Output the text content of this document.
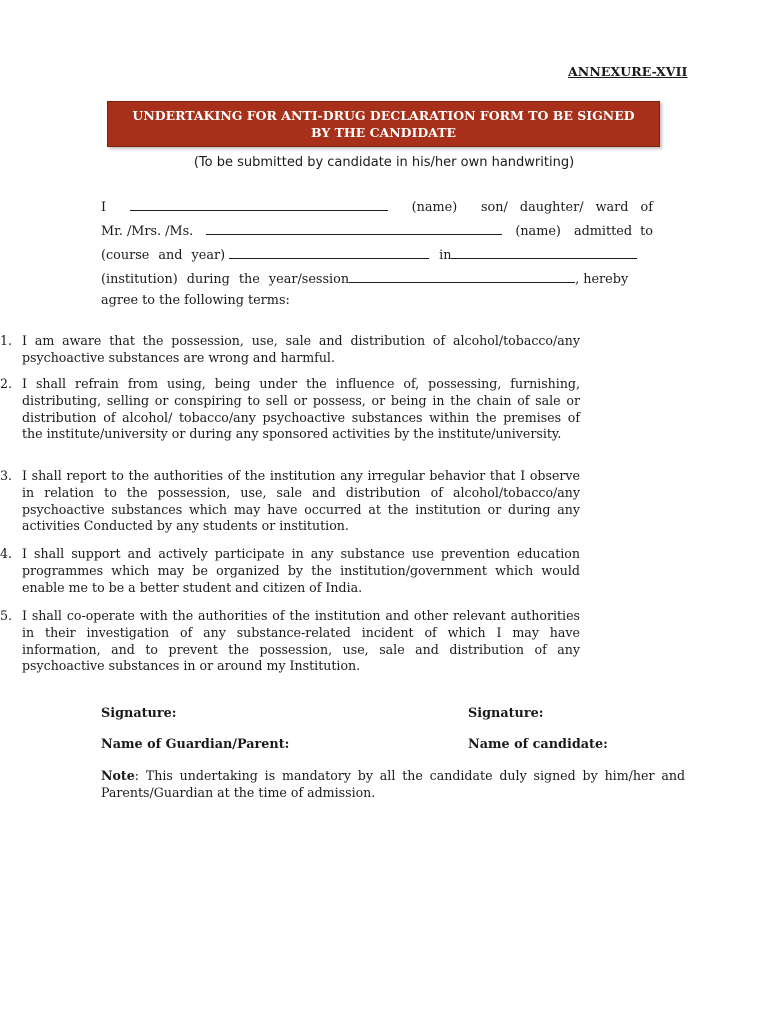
ANNEXURE-XVII
UNDERTAKING FOR ANTI-DRUG DECLARATION FORM TO BE SIGNED BY THE CANDIDATE
(To be submitted by candidate in his/her own handwriting)
I	(name) son/ daughter/ ward of
Mr. /Mrs. /Ms.	(name) admitted to
(course and year)	in
(institution) during the year/session	, hereby
agree to the following terms:
1. I am aware that the possession, use, sale and distribution of alcohol/tobacco/any psychoactive substances are wrong and harmful.
2. I shall refrain from using, being under the influence of, possessing, furnishing, distributing, selling or conspiring to sell or possess, or being in the chain of sale or distribution of alcohol/ tobacco/any psychoactive substances within the premises of the institute/university or during any sponsored activities by the institute/university.
3. I shall report to the authorities of the institution any irregular behavior that I observe in relation to the possession, use, sale and distribution of alcohol/tobacco/any psychoactive substances which may have occurred at the institution or during any activities Conducted by any students or institution.
4. I shall support and actively participate in any substance use prevention education programmes which may be organized by the institution/government which would enable me to be a better student and citizen of India.
5. I shall co-operate with the authorities of the institution and other relevant authorities in their investigation of any substance-related incident of which I may have information, and to prevent the possession, use, sale and distribution of any psychoactive substances in or around my Institution.
Signature:	Signature:
Name of Guardian/Parent:	Name of candidate:
Note: This undertaking is mandatory by all the candidate duly signed by him/her and Parents/Guardian at the time of admission.
